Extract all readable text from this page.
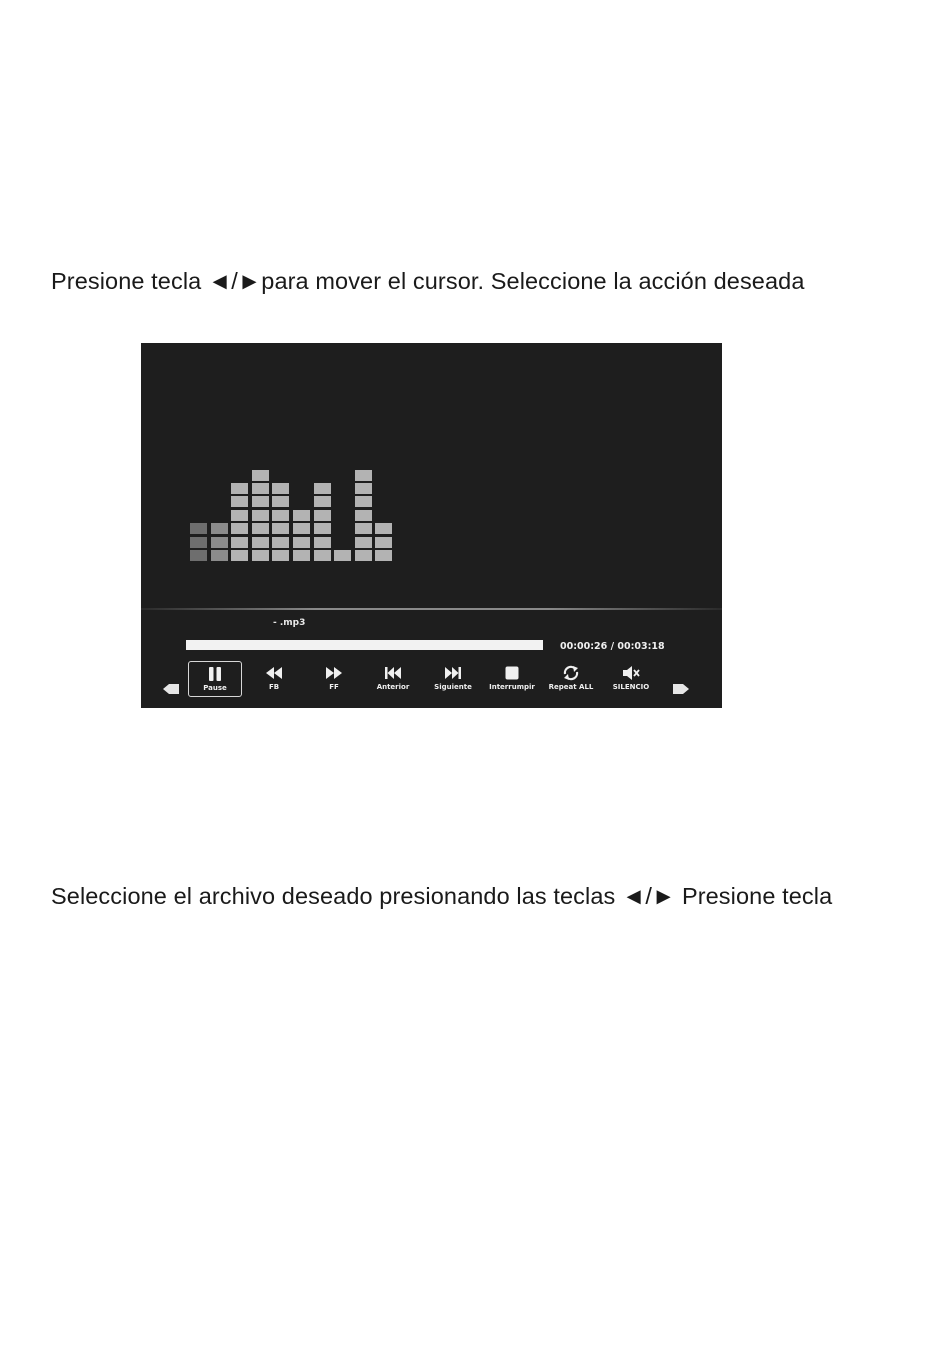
Presione tecla ◄/►para mover el cursor. Seleccione la acción deseada
- .mp3
00:00:26 / 00:03:18
Pause	FB	FF	Anterior	Siguiente	Interrumpir	Repeat ALL	SILENCIO
Seleccione el archivo deseado presionando las teclas ◄/► Presione tecla
